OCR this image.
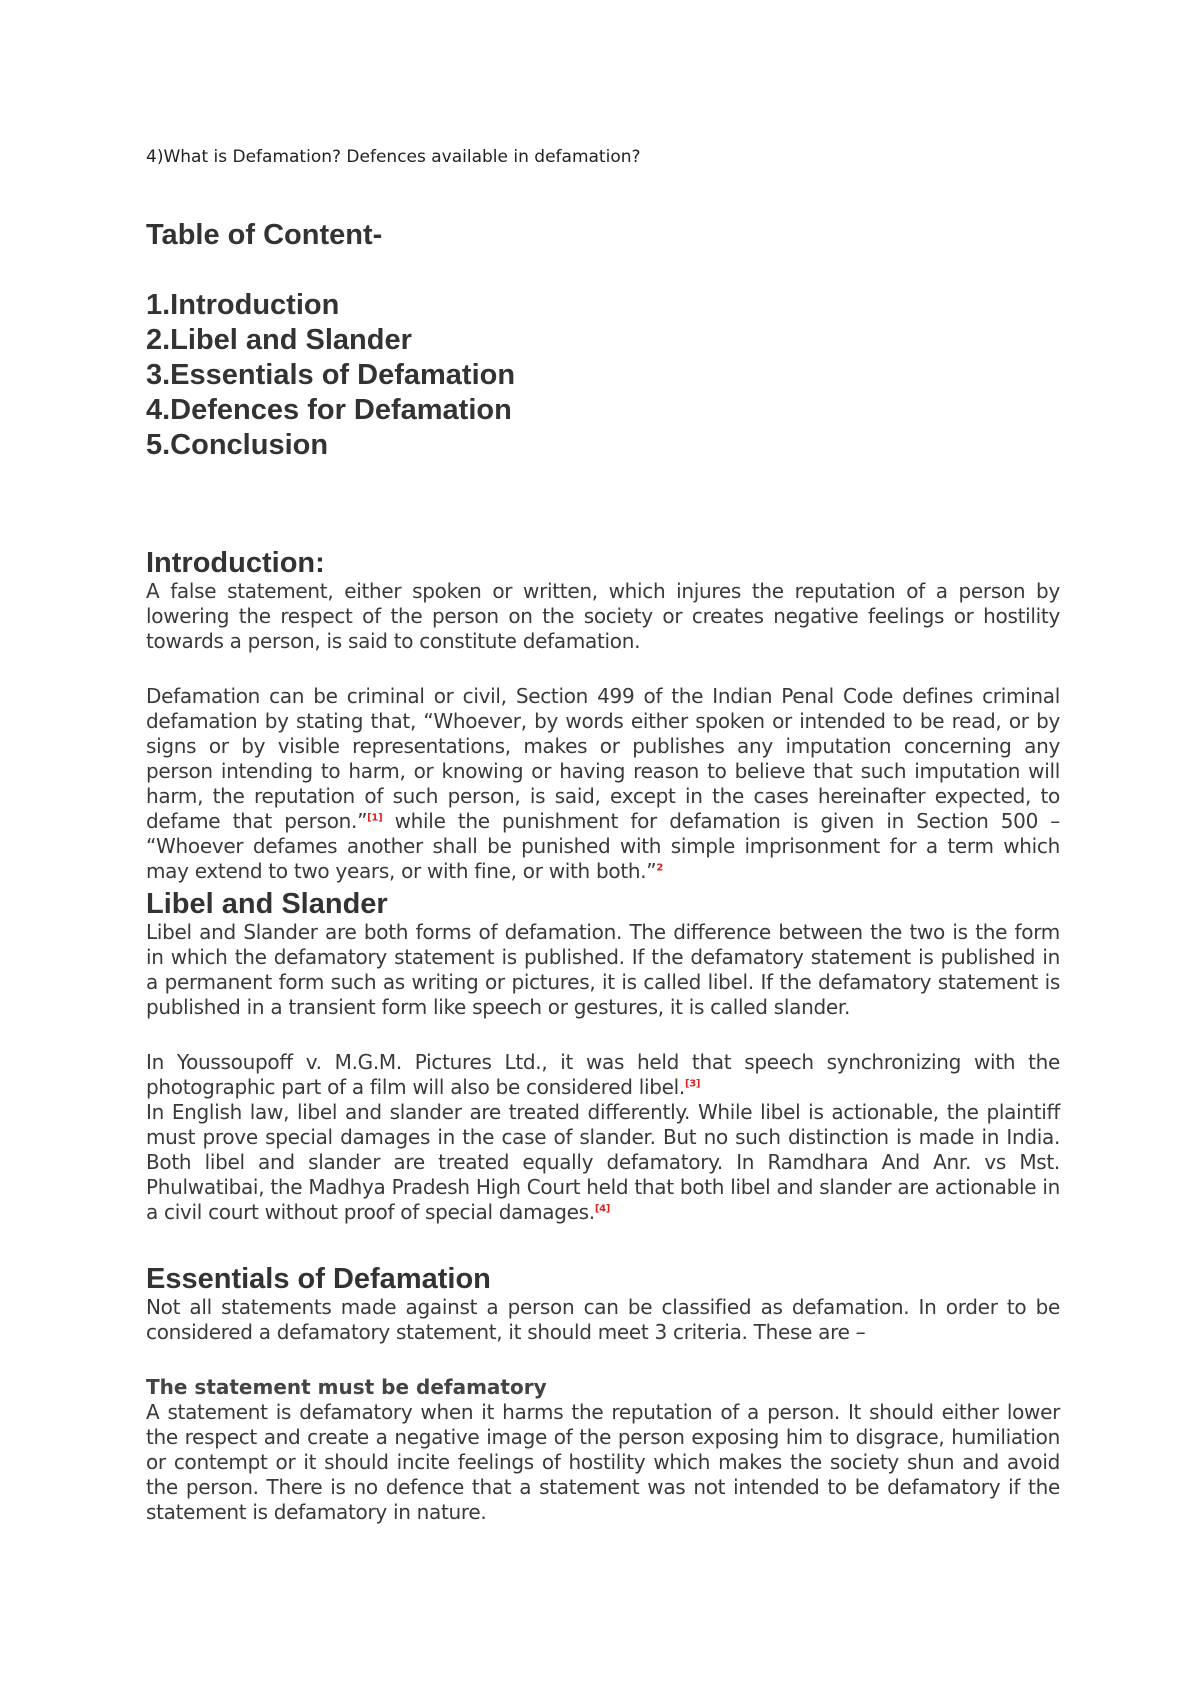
4)What is Defamation? Defences available in defamation?

Table of Content-
1.Introduction
2.Libel and Slander
3.Essentials of Defamation
4.Defences for Defamation
5.Conclusion
Introduction:

A false statement, either spoken or written, which injures the reputation of a person by lowering the respect of the person on the society or creates negative feelings or hostility towards a person, is said to constitute defamation.

Defamation can be criminal or civil, Section 499 of the Indian Penal Code defines criminal defamation by stating that, “Whoever, by words either spoken or intended to be read, or by signs or by visible representations, makes or publishes any imputation concerning any person intending to harm, or knowing or having reason to believe that such imputation will harm, the reputation of such person, is said, except in the cases hereinafter expected, to defame that person.”[1] while the punishment for defamation is given in Section 500 – “Whoever defames another shall be punished with simple imprisonment for a term which may extend to two years, or with fine, or with both.”$^2$

Libel and Slander

Libel and Slander are both forms of defamation. The difference between the two is the form in which the defamatory statement is published. If the defamatory statement is published in a permanent form such as writing or pictures, it is called libel. If the defamatory statement is published in a transient form like speech or gestures, it is called slander.

In Youssoupoff v. M.G.M. Pictures Ltd., it was held that speech synchronizing with the photographic part of a film will also be considered libel.[3]

In English law, libel and slander are treated differently. While libel is actionable, the plaintiff must prove special damages in the case of slander. But no such distinction is made in India. Both libel and slander are treated equally defamatory. In Ramdhara And Anr. vs Mst. Phulwatibai, the Madhya Pradesh High Court held that both libel and slander are actionable in a civil court without proof of special damages.[4]

Essentials of Defamation

Not all statements made against a person can be classified as defamation. In order to be considered a defamatory statement, it should meet 3 criteria. These are –

The statement must be defamatory

A statement is defamatory when it harms the reputation of a person. It should either lower the respect and create a negative image of the person exposing him to disgrace, humiliation or contempt or it should incite feelings of hostility which makes the society shun and avoid the person. There is no defence that a statement was not intended to be defamatory if the statement is defamatory in nature.
